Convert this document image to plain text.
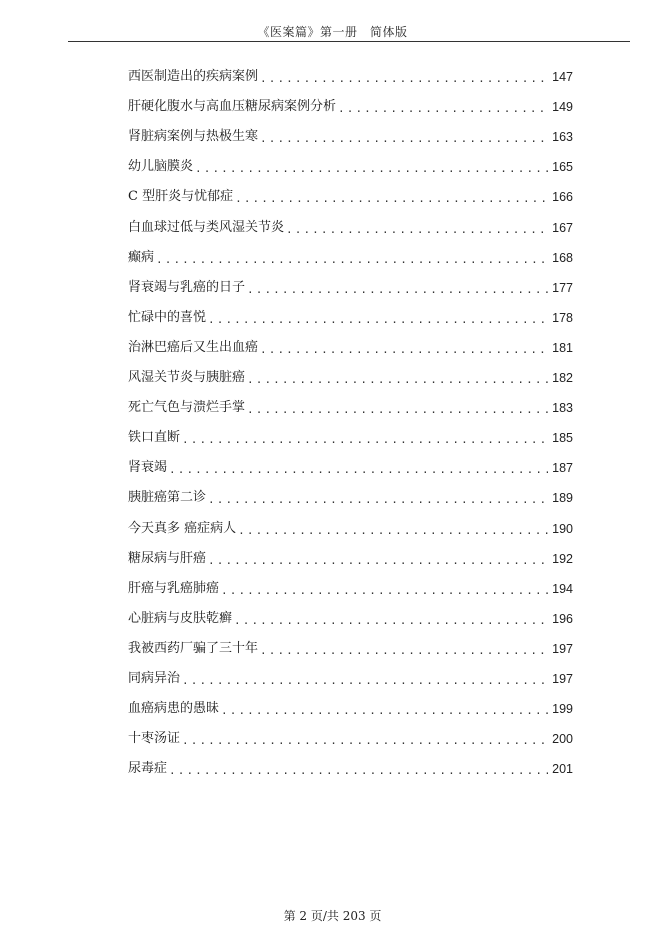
《医案篇》第一册　简体版
西医制造出的疾病案例 .....	147
肝硬化腹水与高血压糖尿病案例分析 .....	149
肾脏病案例与热极生寒 .....	163
幼儿脑膜炎 .....	165
C 型肝炎与忧郁症 .....	166
白血球过低与类风湿关节炎 .....	167
癫病 .....	168
肾衰竭与乳癌的日子 .....	177
忙碌中的喜悦 .....	178
治淋巴癌后又生出血癌 .....	181
风湿关节炎与胰脏癌 .....	182
死亡气色与溃烂手掌 .....	183
铁口直断 .....	185
肾衰竭 .....	187
胰脏癌第二诊 .....	189
今天真多 癌症病人 .....	190
糖尿病与肝癌 .....	192
肝癌与乳癌肺癌 .....	194
心脏病与皮肤乾癣 .....	196
我被西药厂骗了三十年 .....	197
同病异治 .....	197
血癌病患的愚昧 .....	199
十枣汤证 .....	200
尿毒症 .....	201
第 2 页/共 203 页
